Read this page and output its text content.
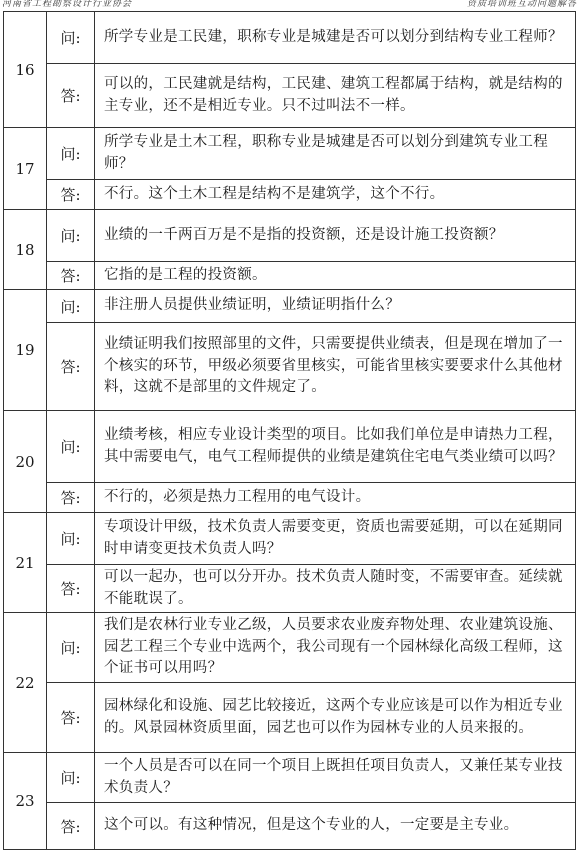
河南省工程勘察设计行业协会	资质培训班互动问题解答
16	问:	所学专业是工民建，职称专业是城建是否可以划分到结构专业工程师？
	答:	可以的，工民建就是结构，工民建、建筑工程都属于结构，就是结构的主专业，还不是相近专业。只不过叫法不一样。
17	问:	所学专业是土木工程，职称专业是城建是否可以划分到建筑专业工程师？
	答:	不行。这个土木工程是结构不是建筑学，这个不行。
18	问:	业绩的一千两百万是不是指的投资额，还是设计施工投资额？
	答:	它指的是工程的投资额。
19	问:	非注册人员提供业绩证明，业绩证明指什么？
	答:	业绩证明我们按照部里的文件，只需要提供业绩表，但是现在增加了一个核实的环节，甲级必须要省里核实，可能省里核实要要求什么其他材料，这就不是部里的文件规定了。
20	问:	业绩考核，相应专业设计类型的项目。比如我们单位是申请热力工程，其中需要电气，电气工程师提供的业绩是建筑住宅电气类业绩可以吗？
	答:	不行的，必须是热力工程用的电气设计。
21	问:	专项设计甲级，技术负责人需要变更，资质也需要延期，可以在延期同时申请变更技术负责人吗？
	答:	可以一起办，也可以分开办。技术负责人随时变，不需要审查。延续就不能耽误了。
22	问:	我们是农林行业专业乙级，人员要求农业废弃物处理、农业建筑设施、园艺工程三个专业中选两个，我公司现有一个园林绿化高级工程师，这个证书可以用吗？
	答:	园林绿化和设施、园艺比较接近，这两个专业应该是可以作为相近专业的。风景园林资质里面，园艺也可以作为园林专业的人员来报的。
23	问:	一个人员是否可以在同一个项目上既担任项目负责人，又兼任某专业技术负责人？
	答:	这个可以。有这种情况，但是这个专业的人，一定要是主专业。
